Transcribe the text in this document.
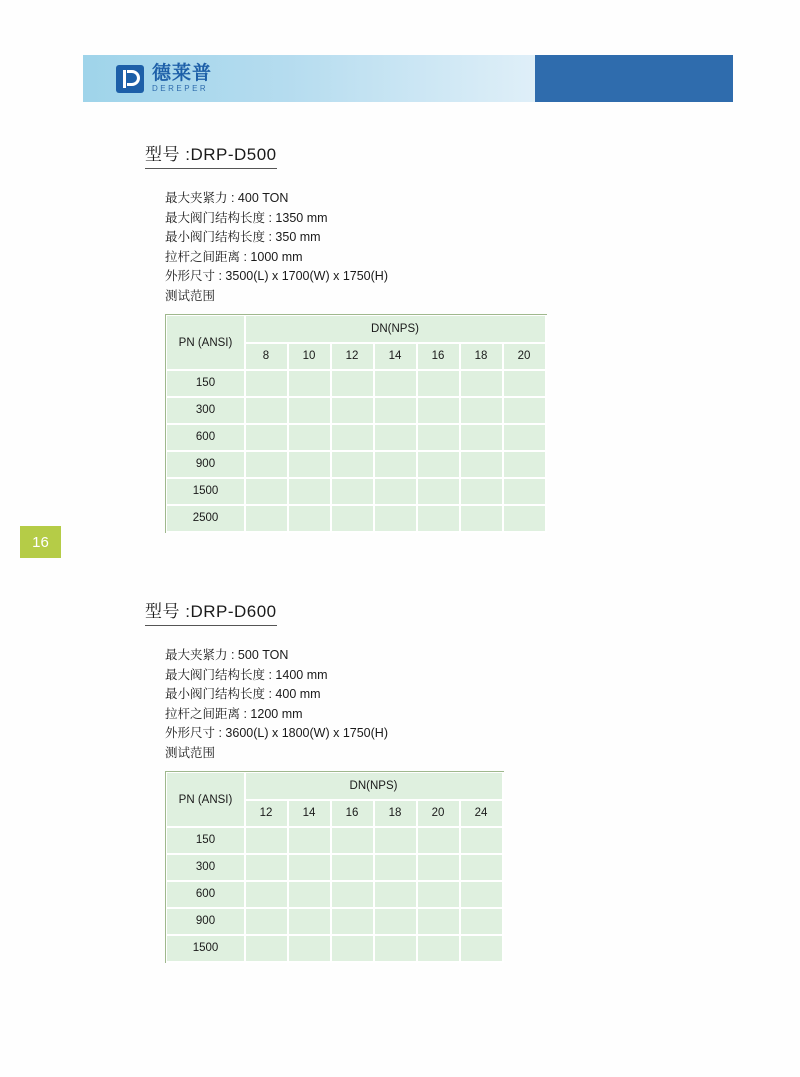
德莱普
DEREPER
16
型号 :DRP-D500
最大夹紧力 : 400 TON
最大阀门结构长度 : 1350 mm
最小阀门结构长度 : 350 mm
拉杆之间距离 : 1000 mm
外形尺寸 : 3500(L) x 1700(W) x 1750(H)
测试范围
PN (ANSI)	DN(NPS)						
	8	10	12	14	16	18	20
150							
300							
600							
900							
1500							
2500							
型号 :DRP-D600
最大夹紧力 : 500 TON
最大阀门结构长度 : 1400 mm
最小阀门结构长度 : 400 mm
拉杆之间距离 : 1200 mm
外形尺寸 : 3600(L) x 1800(W) x 1750(H)
测试范围
PN (ANSI)	DN(NPS)					
	12	14	16	18	20	24
150						
300						
600						
900						
1500						
